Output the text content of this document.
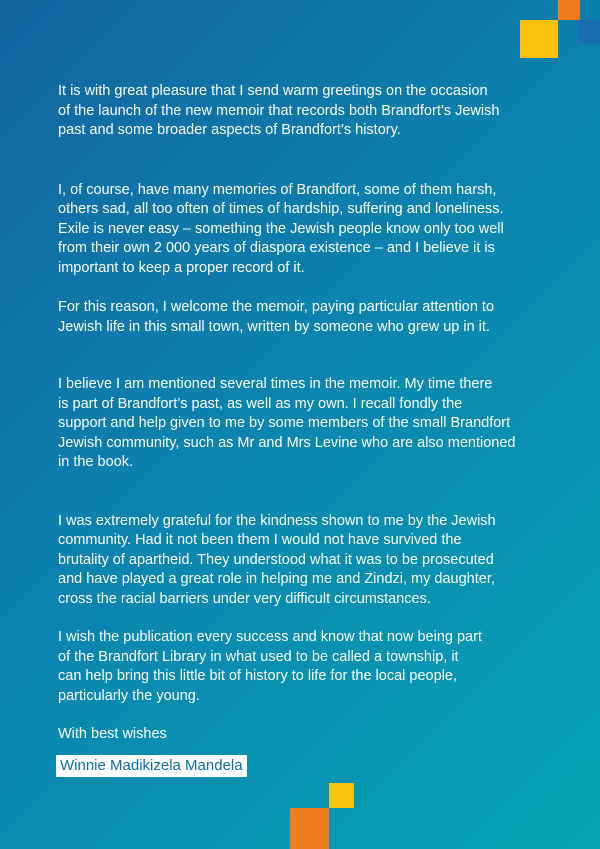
It is with great pleasure that I send warm greetings on the occasion
of the launch of the new memoir that records both Brandfort’s Jewish
past and some broader aspects of Brandfort’s history.

I, of course, have many memories of Brandfort, some of them harsh,
others sad, all too often of times of hardship, suffering and loneliness.
Exile is never easy – something the Jewish people know only too well
from their own 2 000 years of diaspora existence – and I believe it is
important to keep a proper record of it.

For this reason, I welcome the memoir, paying particular attention to
Jewish life in this small town, written by someone who grew up in it.

I believe I am mentioned several times in the memoir. My time there
is part of Brandfort’s past, as well as my own. I recall fondly the
support and help given to me by some members of the small Brandfort
Jewish community, such as Mr and Mrs Levine who are also mentioned
in the book.

I was extremely grateful for the kindness shown to me by the Jewish
community. Had it not been them I would not have survived the
brutality of apartheid. They understood what it was to be prosecuted
and have played a great role in helping me and Zindzi, my daughter,
cross the racial barriers under very difficult circumstances.

I wish the publication every success and know that now being part
of the Brandfort Library in what used to be called a township, it
can help bring this little bit of history to life for the local people,
particularly the young.

With best wishes

Winnie Madikizela Mandela
